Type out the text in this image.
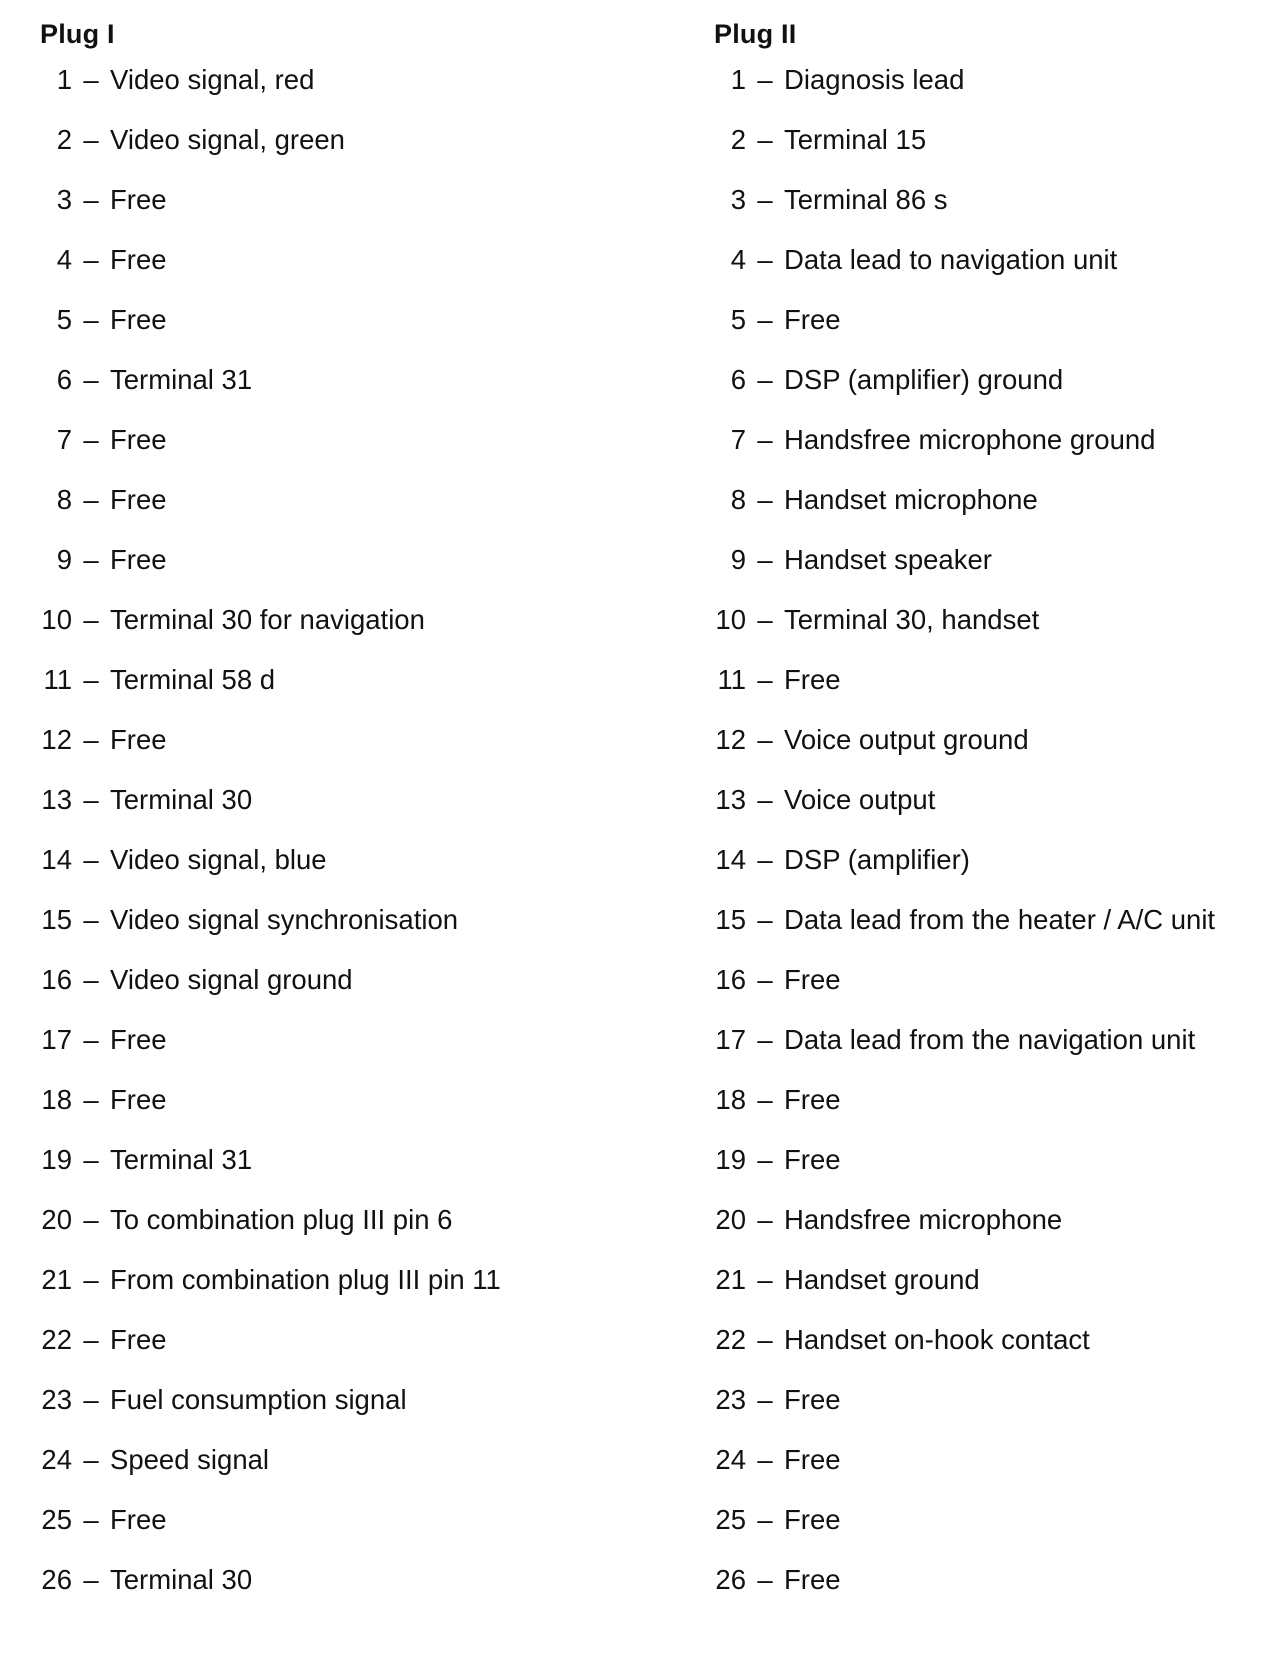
Plug I
1 – Video signal, red
2 – Video signal, green
3 – Free
4 – Free
5 – Free
6 – Terminal 31
7 – Free
8 – Free
9 – Free
10 – Terminal 30 for navigation
11 – Terminal 58 d
12 – Free
13 – Terminal 30
14 – Video signal, blue
15 – Video signal synchronisation
16 – Video signal ground
17 – Free
18 – Free
19 – Terminal 31
20 – To combination plug III pin 6
21 – From combination plug III pin 11
22 – Free
23 – Fuel consumption signal
24 – Speed signal
25 – Free
26 – Terminal 30
Plug II
1 – Diagnosis lead
2 – Terminal 15
3 – Terminal 86 s
4 – Data lead to navigation unit
5 – Free
6 – DSP (amplifier) ground
7 – Handsfree microphone ground
8 – Handset microphone
9 – Handset speaker
10 – Terminal 30, handset
11 – Free
12 – Voice output ground
13 – Voice output
14 – DSP (amplifier)
15 – Data lead from the heater / A/C unit
16 – Free
17 – Data lead from the navigation unit
18 – Free
19 – Free
20 – Handsfree microphone
21 – Handset ground
22 – Handset on-hook contact
23 – Free
24 – Free
25 – Free
26 – Free
